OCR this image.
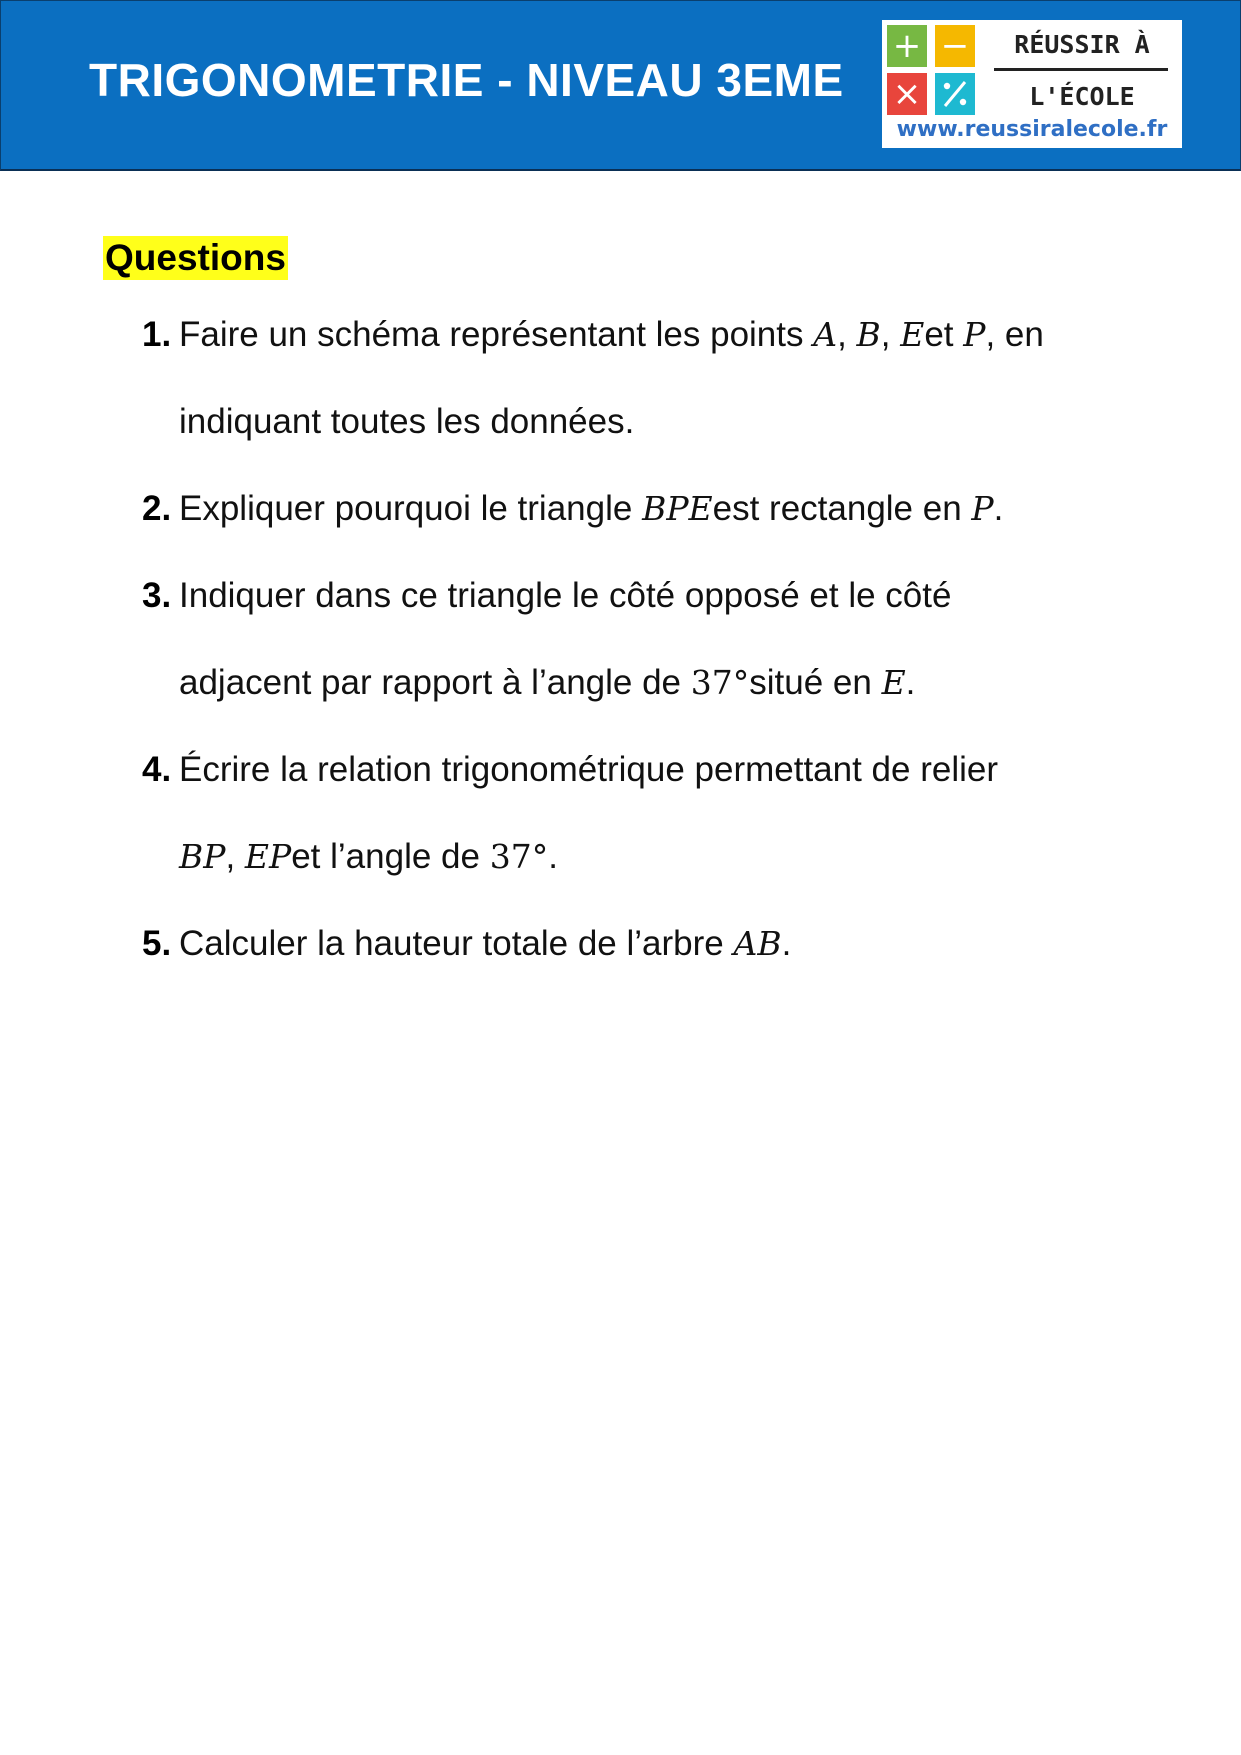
TRIGONOMETRIE - NIVEAU 3EME
+ −
×
RÉUSSIR À
L'ÉCOLE
www.reussiralecole.fr
Questions
1. Faire un schéma représentant les points A, B, Eet P, en
indiquant toutes les données.
2. Expliquer pourquoi le triangle BPEest rectangle en P.
3. Indiquer dans ce triangle le côté opposé et le côté
adjacent par rapport à l’angle de 37°situé en E.
4. Écrire la relation trigonométrique permettant de relier
BP, EPet l’angle de 37°.
5. Calculer la hauteur totale de l’arbre AB.
